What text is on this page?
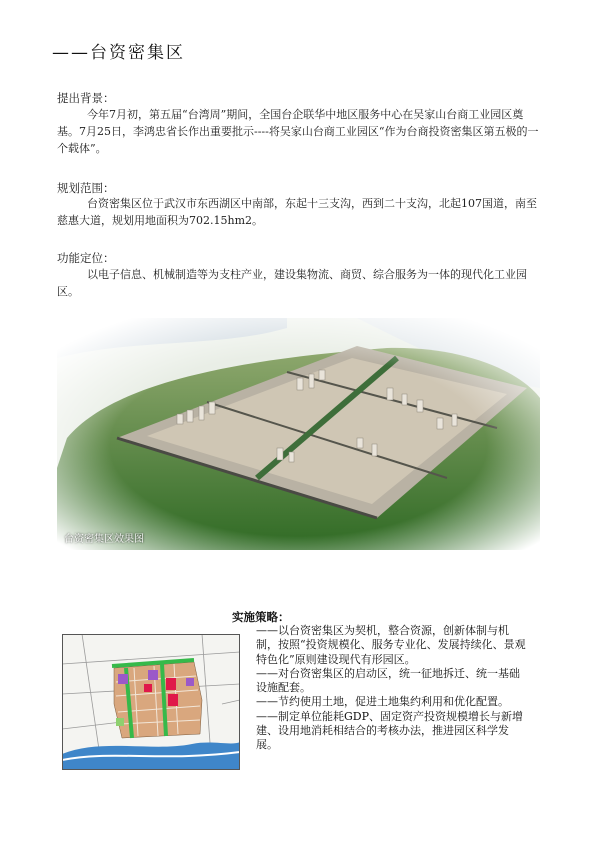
——台资密集区
提出背景：
今年7月初，第五届“台湾周”期间，全国台企联华中地区服务中心在吴家山台商工业园区奠基。7月25日，李鸿忠省长作出重要批示----将吴家山台商工业园区“作为台商投资密集区第五极的一个载体”。
规划范围：
台资密集区位于武汉市东西湖区中南部，东起十三支沟，西到二十支沟，北起107国道，南至慈惠大道，规划用地面积为702.15hm2。
功能定位：
以电子信息、机械制造等为支柱产业，建设集物流、商贸、综合服务为一体的现代化工业园区。
台资密集区效果图
实施策略：

——以台资密集区为契机，整合资源，创新体制与机制，按照“投资规模化、服务专业化、发展持续化、景观特色化”原则建设现代有形园区。

——对台资密集区的启动区，统一征地拆迁、统一基础设施配套。

——节约使用土地，促进土地集约利用和优化配置。

——制定单位能耗GDP、固定资产投资规模增长与新增建、设用地消耗相结合的考核办法，推进园区科学发展。
